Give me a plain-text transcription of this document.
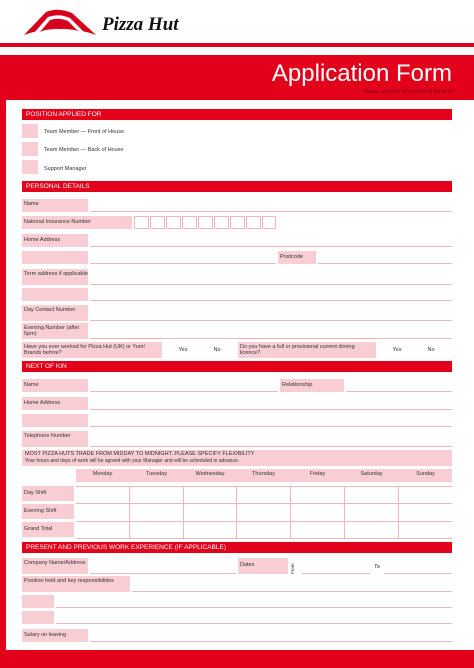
Pizza Hut
Application Form
Please complete all sections of the form
POSITION APPLIED FOR
Team Member — Front of House
Team Member — Back of House
Support Manager
PERSONAL DETAILS
Name
National Insurance Number
Home Address
Postcode
Term address if applicable
Day Contact Number
Evening Number (after 5pm)
Have you ever worked for Pizza Hut (UK) or Yum! Brands before?	Yes	No	Do you have a full or provisional current driving licence?	Yes	No
NEXT OF KIN
Name	Relationship
Home Address
Telephone Number
MOST PIZZA HUTS TRADE FROM MIDDAY TO MIDNIGHT. PLEASE SPECIFY FLEXIBILITY
Your hours and days of work will be agreed with your Manager and will be scheduled in advance.
Monday	Tuesday	Wednesday	Thursday	Friday	Saturday	Sunday
Day Shift
Evening Shift
Grand Total
PRESENT AND PREVIOUS WORK EXPERIENCE (IF APPLICABLE)
Company Name/Address	Dates	From	To
Position held and key responsibilities
Salary on leaving
